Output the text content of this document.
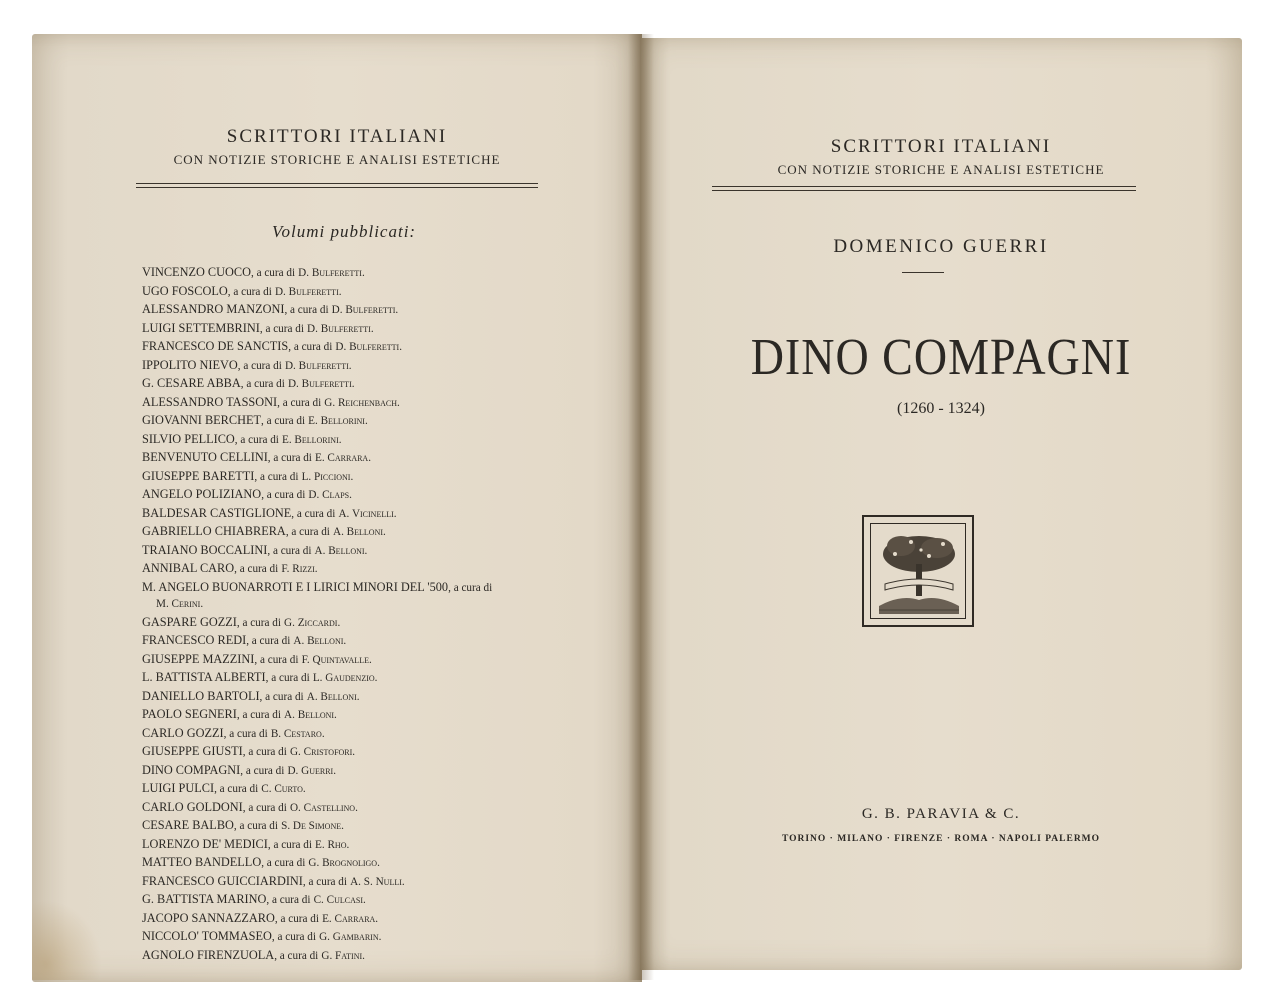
SCRITTORI ITALIANI
CON NOTIZIE STORICHE E ANALISI ESTETICHE
Volumi pubblicati:
VINCENZO CUOCO, a cura di D. Bulferetti.
UGO FOSCOLO, a cura di D. Bulferetti.
ALESSANDRO MANZONI, a cura di D. Bulferetti.
LUIGI SETTEMBRINI, a cura di D. Bulferetti.
FRANCESCO DE SANCTIS, a cura di D. Bulferetti.
IPPOLITO NIEVO, a cura di D. Bulferetti.
G. CESARE ABBA, a cura di D. Bulferetti.
ALESSANDRO TASSONI, a cura di G. Reichenbach.
GIOVANNI BERCHET, a cura di E. Bellorini.
SILVIO PELLICO, a cura di E. Bellorini.
BENVENUTO CELLINI, a cura di E. Carrara.
GIUSEPPE BARETTI, a cura di L. Piccioni.
ANGELO POLIZIANO, a cura di D. Claps.
BALDESAR CASTIGLIONE, a cura di A. Vicinelli.
GABRIELLO CHIABRERA, a cura di A. Belloni.
TRAIANO BOCCALINI, a cura di A. Belloni.
ANNIBAL CARO, a cura di F. Rizzi.
M. ANGELO BUONARROTI E I LIRICI MINORI DEL '500, a cura di
M. Cerini.
GASPARE GOZZI, a cura di G. Ziccardi.
FRANCESCO REDI, a cura di A. Belloni.
GIUSEPPE MAZZINI, a cura di F. Quintavalle.
L. BATTISTA ALBERTI, a cura di L. Gaudenzio.
DANIELLO BARTOLI, a cura di A. Belloni.
PAOLO SEGNERI, a cura di A. Belloni.
CARLO GOZZI, a cura di B. Cestaro.
GIUSEPPE GIUSTI, a cura di G. Cristofori.
DINO COMPAGNI, a cura di D. Guerri.
LUIGI PULCI, a cura di C. Curto.
CARLO GOLDONI, a cura di O. Castellino.
CESARE BALBO, a cura di S. De Simone.
LORENZO DE' MEDICI, a cura di E. Rho.
MATTEO BANDELLO, a cura di G. Brognoligo.
FRANCESCO GUICCIARDINI, a cura di A. S. Nulli.
G. BATTISTA MARINO, a cura di C. Culcasi.
JACOPO SANNAZZARO, a cura di E. Carrara.
NICCOLO' TOMMASEO, a cura di G. Gambarin.
AGNOLO FIRENZUOLA, a cura di G. Fatini.
SCRITTORI ITALIANI
CON NOTIZIE STORICHE E ANALISI ESTETICHE
DOMENICO GUERRI
DINO COMPAGNI
(1260 - 1324)
G. B. PARAVIA & C.
TORINO · MILANO · FIRENZE · ROMA · NAPOLI PALERMO
